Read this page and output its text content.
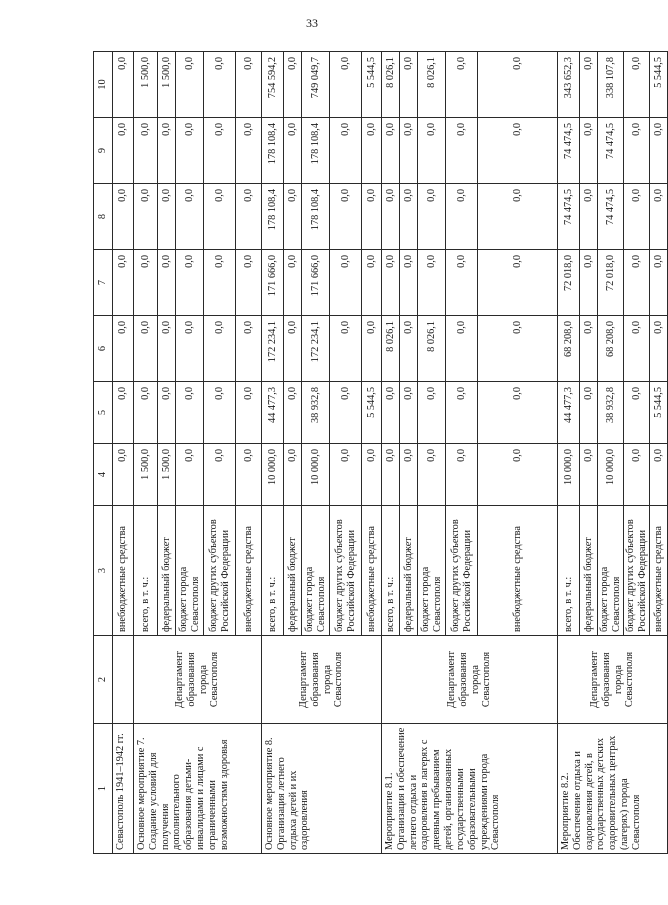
33
1	2	3	4	5	6	7	8	9	10
Севастополь 1941–1942 гг.		внебюджетные средства	0,0	0,0	0,0	0,0	0,0	0,0	0,0
Основное мероприятие 7. Создание условий для получения дополнительного образования детьми-инвалидами и лицами с ограниченными возможностями здоровья	Департамент образования города Севастополя	всего, в т. ч.:	1 500,0	0,0	0,0	0,0	0,0	0,0	1 500,0
		федеральный бюджет	1 500,0	0,0	0,0	0,0	0,0	0,0	1 500,0
		бюджет города Севастополя	0,0	0,0	0,0	0,0	0,0	0,0	0,0
		бюджет других субъектов Российской Федерации	0,0	0,0	0,0	0,0	0,0	0,0	0,0
		внебюджетные средства	0,0	0,0	0,0	0,0	0,0	0,0	0,0
Основное мероприятие 8. Организация летнего отдыха детей и их оздоровления	Департамент образования города Севастополя	всего, в т. ч.:	10 000,0	44 477,3	172 234,1	171 666,0	178 108,4	178 108,4	754 594,2
		федеральный бюджет	0,0	0,0	0,0	0,0	0,0	0,0	0,0
		бюджет города Севастополя	10 000,0	38 932,8	172 234,1	171 666,0	178 108,4	178 108,4	749 049,7
		бюджет других субъектов Российской Федерации	0,0	0,0	0,0	0,0	0,0	0,0	0,0
		внебюджетные средства	0,0	5 544,5	0,0	0,0	0,0	0,0	5 544,5
Мероприятие 8.1. Организация и обеспечение летнего отдыха и оздоровления в лагерях с дневным пребыванием детей, организованных государственными образовательными учреждениями города Севастополя	Департамент образования города Севастополя	всего, в т. ч.:	0,0	0,0	8 026,1	0,0	0,0	0,0	8 026,1
		федеральный бюджет	0,0	0,0	0,0	0,0	0,0	0,0	0,0
		бюджет города Севастополя	0,0	0,0	8 026,1	0,0	0,0	0,0	8 026,1
		бюджет других субъектов Российской Федерации	0,0	0,0	0,0	0,0	0,0	0,0	0,0
		внебюджетные средства	0,0	0,0	0,0	0,0	0,0	0,0	0,0
Мероприятие 8.2. Обеспечение отдыха и оздоровления детей, в государственных детских оздоровительных центрах (лагерях) города Севастополя	Департамент образования города Севастополя	всего, в т. ч.:	10 000,0	44 477,3	68 208,0	72 018,0	74 474,5	74 474,5	343 652,3
		федеральный бюджет	0,0	0,0	0,0	0,0	0,0	0,0	0,0
		бюджет города Севастополя	10 000,0	38 932,8	68 208,0	72 018,0	74 474,5	74 474,5	338 107,8
		бюджет других субъектов Российской Федерации	0,0	0,0	0,0	0,0	0,0	0,0	0,0
		внебюджетные средства	0,0	5 544,5	0,0	0,0	0,0	0,0	5 544,5
